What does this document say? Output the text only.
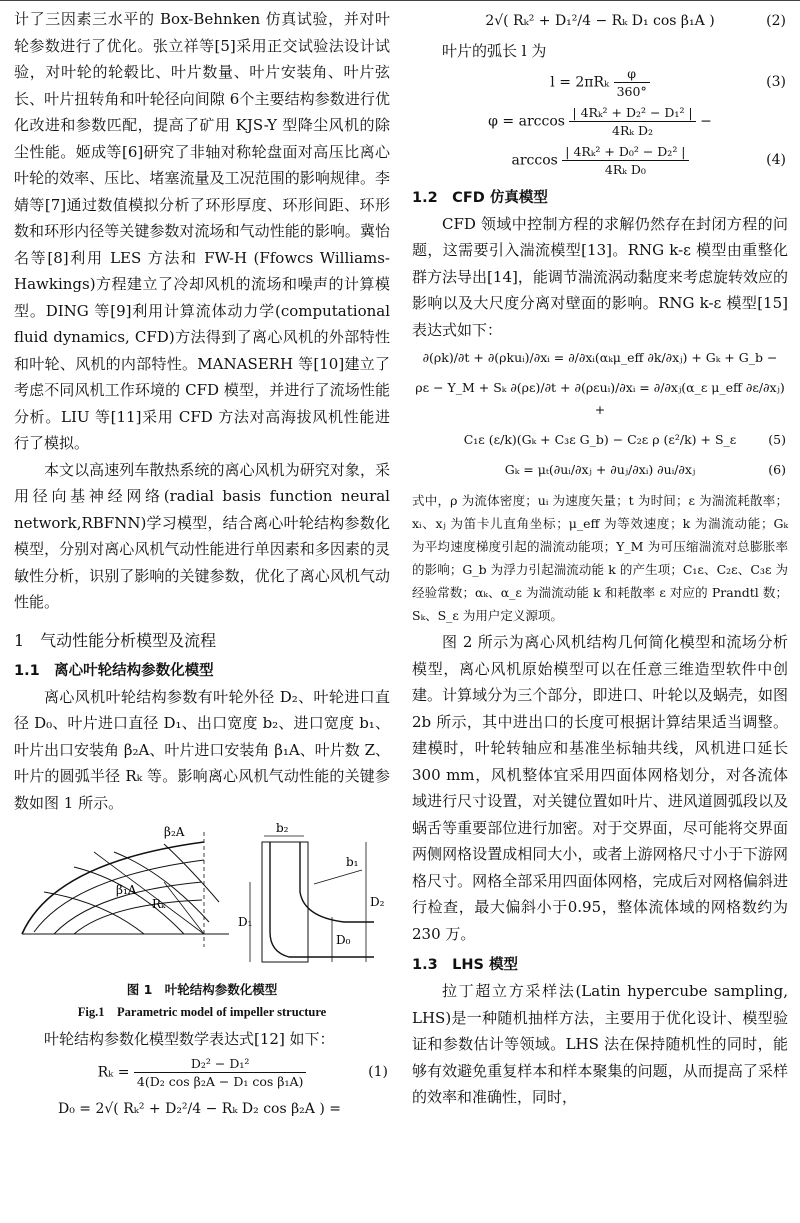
计了三因素三水平的 Box-Behnken 仿真试验，并对叶轮参数进行了优化。张立祥等[5]采用正交试验法设计试验，对叶轮的轮毂比、叶片数量、叶片安装角、叶片弦长、叶片扭转角和叶轮径向间隙 6个主要结构参数进行优化改进和参数匹配，提高了矿用 KJS-Y 型降尘风机的除尘性能。姬成等[6]研究了非轴对称轮盘面对高压比离心叶轮的效率、压比、堵塞流量及工况范围的影响规律。李婧等[7]通过数值模拟分析了环形厚度、环形间距、环形数和环形内径等关键参数对流场和气动性能的影响。冀怡名等[8]利用 LES 方法和 FW-H (Ffowcs Williams-Hawkings)方程建立了冷却风机的流场和噪声的计算模型。DING 等[9]利用计算流体动力学(computational fluid dynamics, CFD)方法得到了离心风机的外部特性和叶轮、风机的内部特性。MANASERH 等[10]建立了考虑不同风机工作环境的 CFD 模型，并进行了流场性能分析。LIU 等[11]采用 CFD 方法对高海拔风机性能进行了模拟。

本文以高速列车散热系统的离心风机为研究对象，采用径向基神经网络(radial basis function neural network,RBFNN)学习模型，结合离心叶轮结构参数化模型，分别对离心风机气动性能进行单因素和多因素的灵敏性分析，识别了影响的关键参数，优化了离心风机气动性能。

1　气动性能分析模型及流程
1.1　离心叶轮结构参数化模型

离心风机叶轮结构参数有叶轮外径 D₂、叶轮进口直径 D₀、叶片进口直径 D₁、出口宽度 b₂、进口宽度 b₁、叶片出口安装角 β₂A、叶片进口安装角 β₁A、叶片数 Z、叶片的圆弧半径 Rₖ 等。影响离心风机气动性能的关键参数如图 1 所示。

β₂A
β₁A
Rₖ
b₂
b₁
D₁
D₀
D₂
图 1　叶轮结构参数化模型
Fig.1　Parametric model of impeller structure

叶轮结构参数化模型数学表达式[12] 如下：

$R_k = \frac{\text{D₂² − D₁²}}{\text{4(D₂ cos β₂A − D₁ cos β₁A)}}$	(1)
D₀ = 2√( Rₖ² + D₂²/4 − Rₖ D₂ cos β₂A ) =
2√( Rₖ² + D₁²/4 − Rₖ D₁ cos β₁A )	(2)

叶片的弧长 l 为

$l = 2\pi R_k \frac{\varphi}{360^\circ}$	(3)
$\varphi = \arccos \frac{\text{| 4Rₖ² + D₂² − D₁² |}}{\text{4Rₖ D₂}}$ −
$\arccos \frac{\text{| 4Rₖ² + D₀² − D₂² |}}{\text{4Rₖ D₀}}$	(4)
1.2　CFD 仿真模型

CFD 领域中控制方程的求解仍然存在封闭方程的问题，这需要引入湍流模型[13]。RNG k-ε 模型由重整化群方法导出[14]，能调节湍流涡动黏度来考虑旋转效应的影响以及大尺度分离对壁面的影响。RNG k-ε 模型[15] 表达式如下：

∂(ρk)/∂t + ∂(ρkuᵢ)/∂xᵢ = ∂/∂xᵢ(αₖμ_eff ∂k/∂xⱼ) + Gₖ + G_b −
ρε − Y_M + Sₖ ∂(ρε)/∂t + ∂(ρεuᵢ)/∂xᵢ = ∂/∂xⱼ(α_ε μ_eff ∂ε/∂xⱼ) +
C₁ε (ε/k)(Gₖ + C₃ε G_b) − C₂ε ρ (ε²/k) + S_ε	(5)
Gₖ = μₜ(∂uᵢ/∂xⱼ + ∂uⱼ/∂xᵢ) ∂uᵢ/∂xⱼ	(6)

式中，ρ 为流体密度；uᵢ 为速度矢量；t 为时间；ε 为湍流耗散率；xᵢ、xⱼ 为笛卡儿直角坐标；μ_eff 为等效速度；k 为湍流动能；Gₖ 为平均速度梯度引起的湍流动能项；Y_M 为可压缩湍流对总膨胀率的影响；G_b 为浮力引起湍流动能 k 的产生项；C₁ε、C₂ε、C₃ε 为经验常数；αₖ、α_ε 为湍流动能 k 和耗散率 ε 对应的 Prandtl 数；Sₖ、S_ε 为用户定义源项。

图 2 所示为离心风机结构几何简化模型和流场分析模型，离心风机原始模型可以在任意三维造型软件中创建。计算域分为三个部分，即进口、叶轮以及蜗壳，如图 2b 所示，其中进出口的长度可根据计算结果适当调整。建模时，叶轮转轴应和基准坐标轴共线，风机进口延长 300 mm，风机整体宜采用四面体网格划分，对各流体域进行尺寸设置，对关键位置如叶片、进风道圆弧段以及蜗舌等重要部位进行加密。对于交界面，尽可能将交界面两侧网格设置成相同大小，或者上游网格尺寸小于下游网格尺寸。网格全部采用四面体网格，完成后对网格偏斜进行检查，最大偏斜小于0.95，整体流体域的网格数约为 230 万。

1.3　LHS 模型

拉丁超立方采样法(Latin hypercube sampling, LHS)是一种随机抽样方法，主要用于优化设计、模型验证和参数估计等领域。LHS 法在保持随机性的同时，能够有效避免重复样本和样本聚集的问题，从而提高了采样的效率和准确性，同时，
